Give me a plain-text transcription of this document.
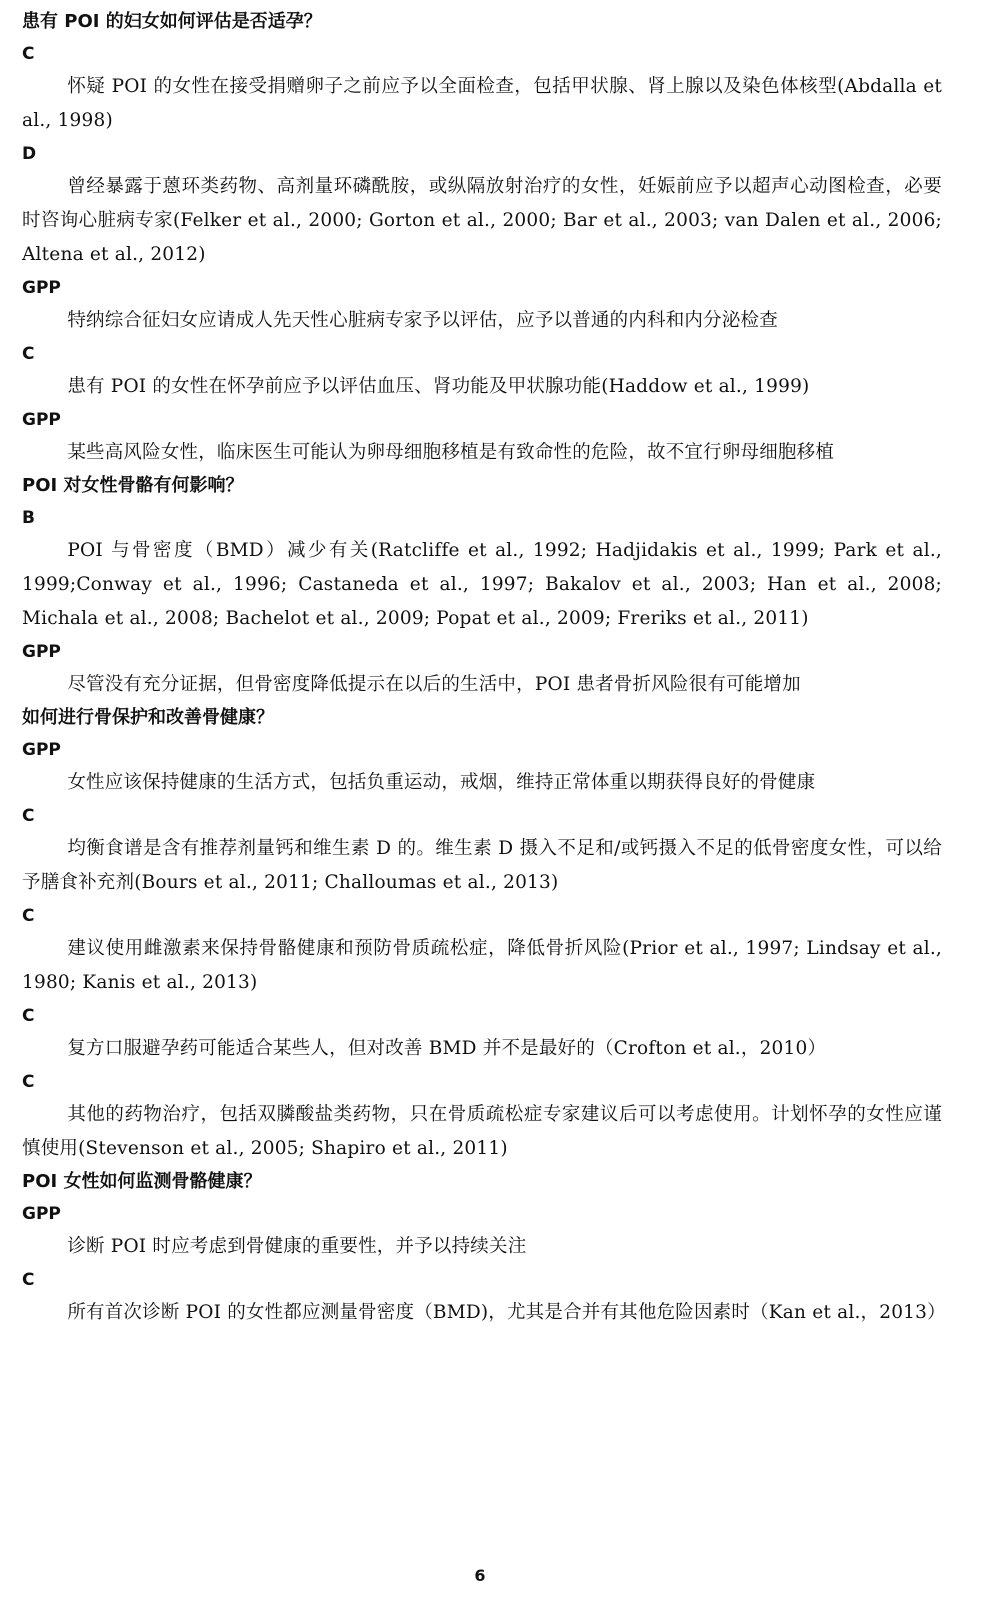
患有 POI 的妇女如何评估是否适孕？
C

怀疑 POI 的女性在接受捐赠卵子之前应予以全面检查，包括甲状腺、肾上腺以及染色体核型(Abdalla et al., 1998)

D

曾经暴露于蒽环类药物、高剂量环磷酰胺，或纵隔放射治疗的女性，妊娠前应予以超声心动图检查，必要时咨询心脏病专家(Felker et al., 2000; Gorton et al., 2000; Bar et al., 2003; van Dalen et al., 2006; Altena et al., 2012)

GPP

特纳综合征妇女应请成人先天性心脏病专家予以评估，应予以普通的内科和内分泌检查

C

患有 POI 的女性在怀孕前应予以评估血压、肾功能及甲状腺功能(Haddow et al., 1999)

GPP

某些高风险女性，临床医生可能认为卵母细胞移植是有致命性的危险，故不宜行卵母细胞移植

POI 对女性骨骼有何影响？
B

POI 与骨密度（BMD）减少有关(Ratcliffe et al., 1992; Hadjidakis et al., 1999; Park et al., 1999;Conway et al., 1996; Castaneda et al., 1997; Bakalov et al., 2003; Han et al., 2008; Michala et al., 2008; Bachelot et al., 2009; Popat et al., 2009; Freriks et al., 2011)

GPP

尽管没有充分证据，但骨密度降低提示在以后的生活中，POI 患者骨折风险很有可能增加

如何进行骨保护和改善骨健康？
GPP

女性应该保持健康的生活方式，包括负重运动，戒烟，维持正常体重以期获得良好的骨健康

C

均衡食谱是含有推荐剂量钙和维生素 D 的。维生素 D 摄入不足和/或钙摄入不足的低骨密度女性，可以给予膳食补充剂(Bours et al., 2011; Challoumas et al., 2013)

C

建议使用雌激素来保持骨骼健康和预防骨质疏松症，降低骨折风险(Prior et al., 1997; Lindsay et al., 1980; Kanis et al., 2013)

C

复方口服避孕药可能适合某些人，但对改善 BMD 并不是最好的（Crofton et al.，2010）

C

其他的药物治疗，包括双膦酸盐类药物，只在骨质疏松症专家建议后可以考虑使用。计划怀孕的女性应谨慎使用(Stevenson et al., 2005; Shapiro et al., 2011)

POI 女性如何监测骨骼健康？
GPP

诊断 POI 时应考虑到骨健康的重要性，并予以持续关注

C

所有首次诊断 POI 的女性都应测量骨密度（BMD)，尤其是合并有其他危险因素时（Kan et al.，2013）

6
